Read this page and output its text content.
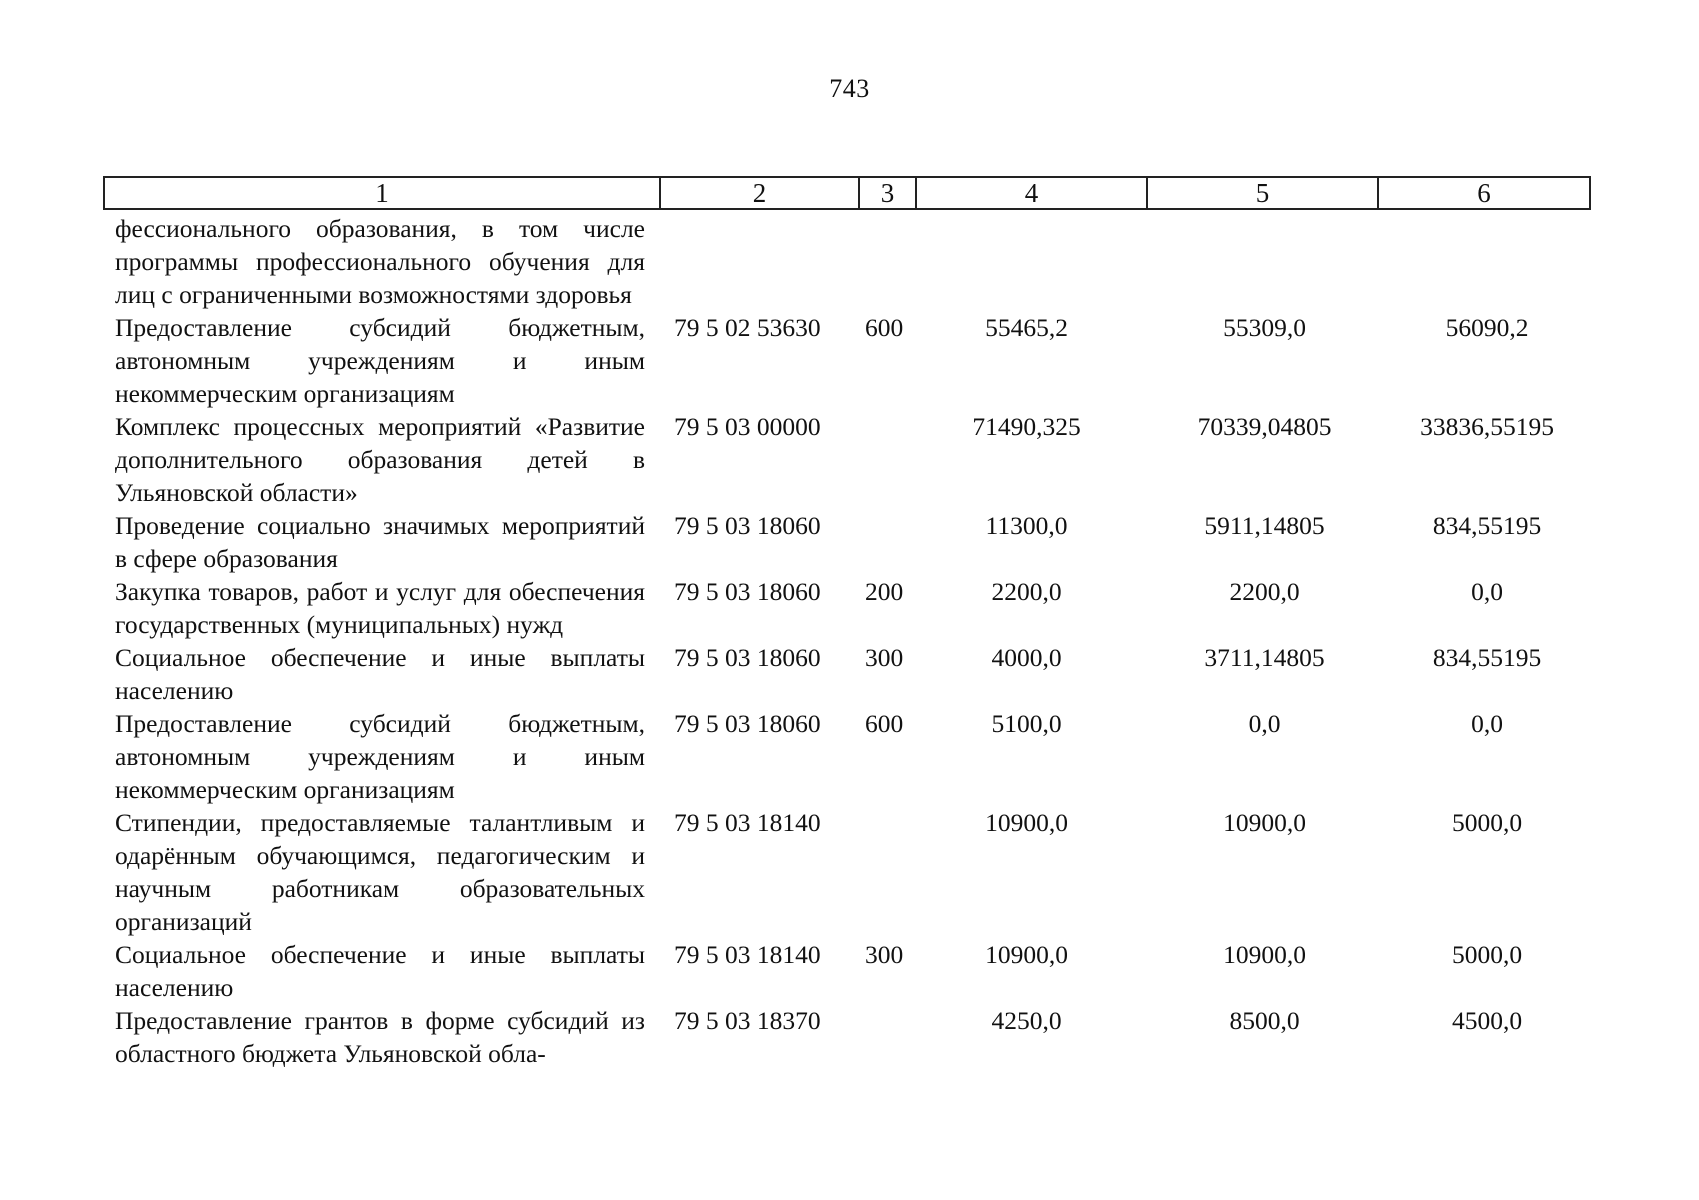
743
1	2	3	4	5	6
фессионального образования, в том числе программы профессионального обучения для лиц с ограниченными возможностями здоровья					
Предоставление субсидий бюджетным, автономным учреждениям и иным некоммерческим организациям	79 5 02 53630	600	55465,2	55309,0	56090,2
Комплекс процессных мероприятий «Развитие дополнительного образования детей в Ульяновской области»	79 5 03 00000		71490,325	70339,04805	33836,55195
Проведение социально значимых мероприятий в сфере образования	79 5 03 18060		11300,0	5911,14805	834,55195
Закупка товаров, работ и услуг для обеспечения государственных (муниципальных) нужд	79 5 03 18060	200	2200,0	2200,0	0,0
Социальное обеспечение и иные выплаты населению	79 5 03 18060	300	4000,0	3711,14805	834,55195
Предоставление субсидий бюджетным, автономным учреждениям и иным некоммерческим организациям	79 5 03 18060	600	5100,0	0,0	0,0
Стипендии, предоставляемые талантливым и одарённым обучающимся, педагогическим и научным работникам образовательных организаций	79 5 03 18140		10900,0	10900,0	5000,0
Социальное обеспечение и иные выплаты населению	79 5 03 18140	300	10900,0	10900,0	5000,0
Предоставление грантов в форме субсидий из областного бюджета Ульяновской обла-	79 5 03 18370		4250,0	8500,0	4500,0
